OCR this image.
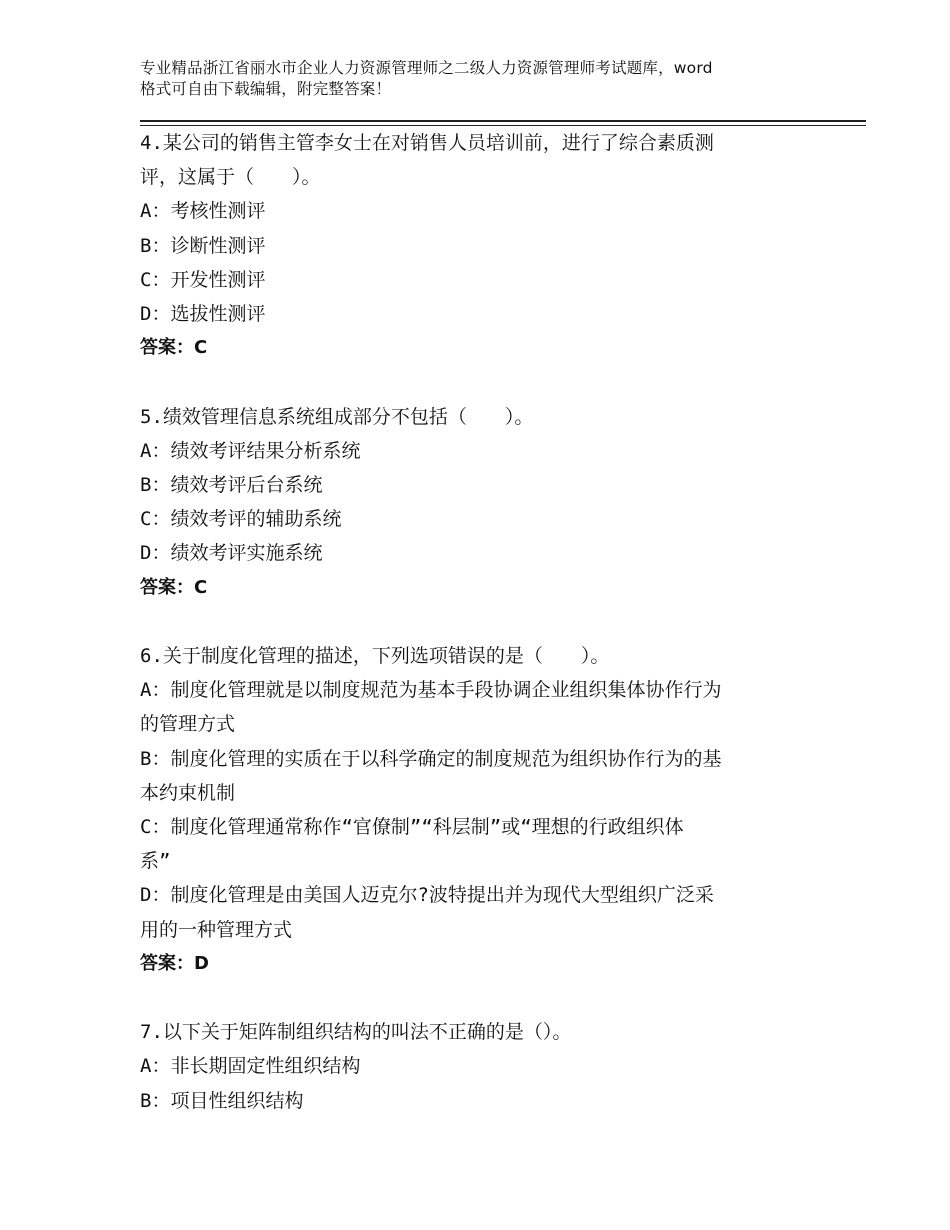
专业精品浙江省丽水市企业人力资源管理师之二级人力资源管理师考试题库，word

格式可自由下载编辑，附完整答案！

4.某公司的销售主管李女士在对销售人员培训前，进行了综合素质测

评，这属于（　　）。

A：考核性测评

B：诊断性测评

C：开发性测评

D：选拔性测评

答案：C

5.绩效管理信息系统组成部分不包括（　　）。

A：绩效考评结果分析系统

B：绩效考评后台系统

C：绩效考评的辅助系统

D：绩效考评实施系统

答案：C

6.关于制度化管理的描述，下列选项错误的是（　　）。

A：制度化管理就是以制度规范为基本手段协调企业组织集体协作行为

的管理方式

B：制度化管理的实质在于以科学确定的制度规范为组织协作行为的基

本约束机制

C：制度化管理通常称作“官僚制”“科层制”或“理想的行政组织体

系”

D：制度化管理是由美国人迈克尔?波特提出并为现代大型组织广泛采

用的一种管理方式

答案：D

7.以下关于矩阵制组织结构的叫法不正确的是（）。

A：非长期固定性组织结构

B：项目性组织结构
